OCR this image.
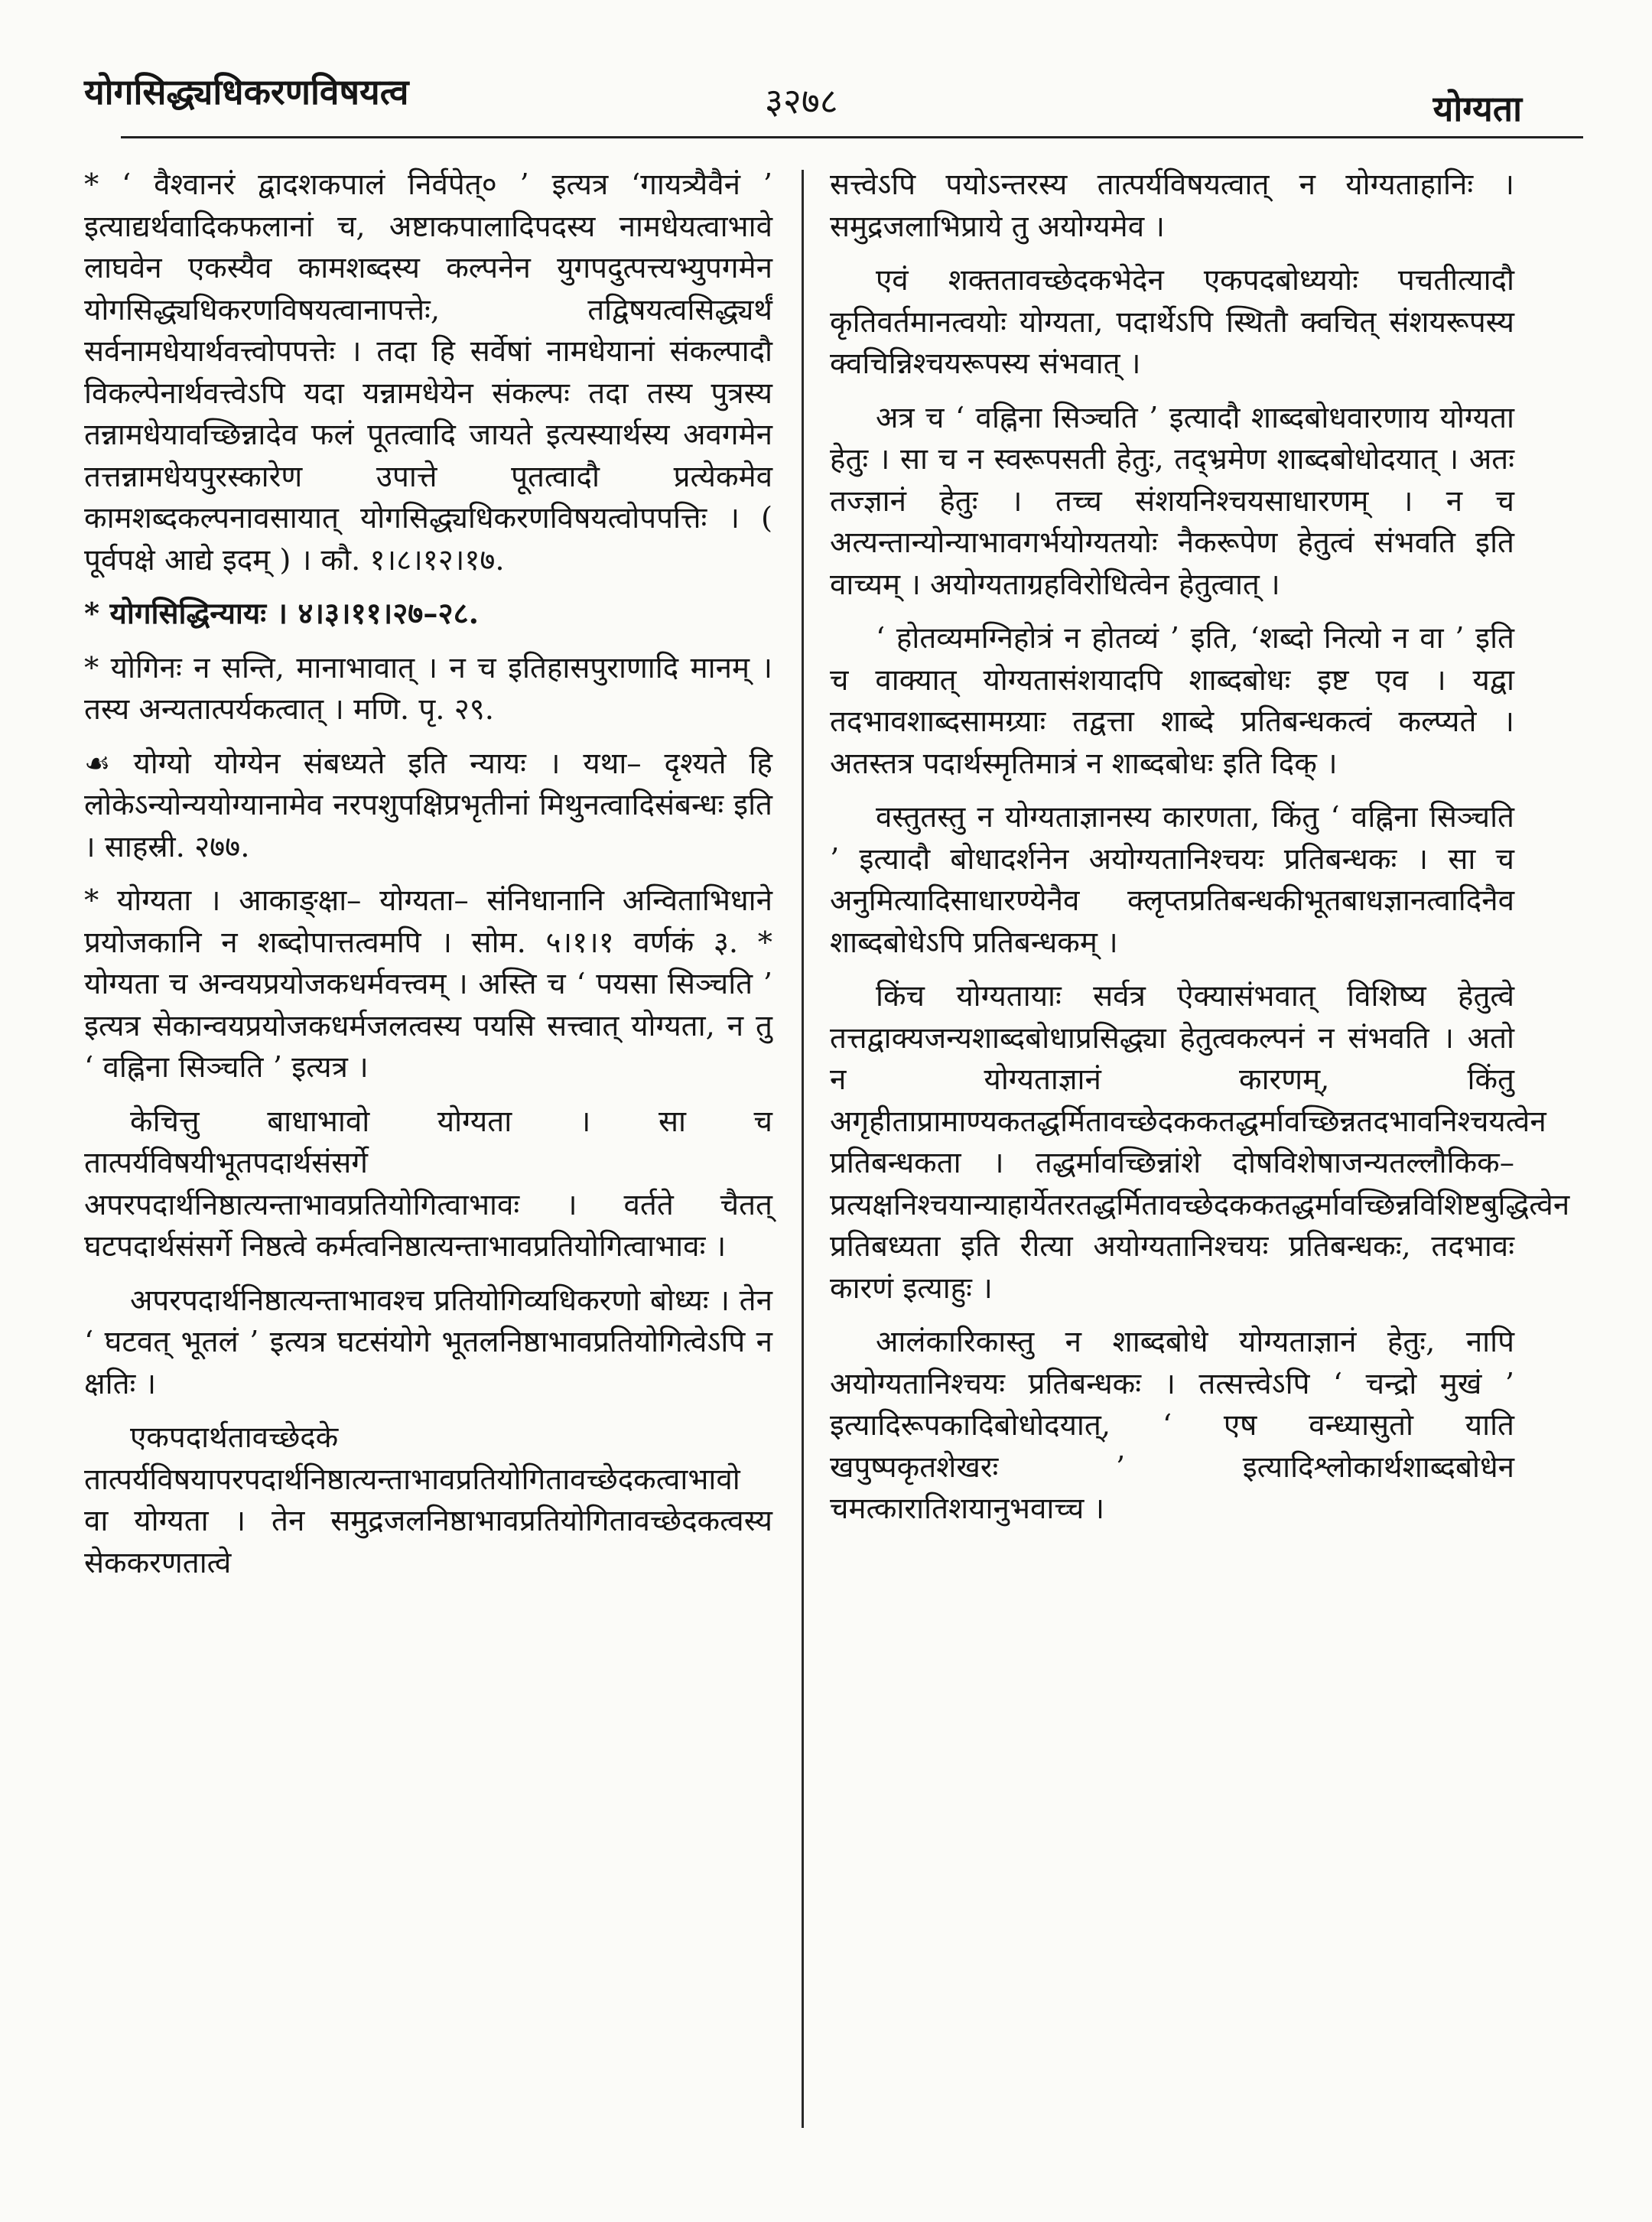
योगसिद्ध्यधिकरणविषयत्व	३२७८	योग्यता

* ‘ वैश्वानरं द्वादशकपालं निर्वपेत्० ’ इत्यत्र ‘गायत्र्यैवैनं ’ इत्याद्यर्थवादिकफलानां च, अष्टाकपालादिपदस्य नामधेयत्वाभावे लाघवेन एकस्यैव कामशब्दस्य कल्पनेन युगपदुत्पत्त्यभ्युपगमेन योगसिद्ध्यधिकरणविषयत्वानापत्तेः, तद्विषयत्वसिद्ध्यर्थं सर्वनामधेयार्थवत्त्वोपपत्तेः । तदा हि सर्वेषां नामधेयानां संकल्पादौ विकल्पेनार्थवत्त्वेऽपि यदा यन्नामधेयेन संकल्पः तदा तस्य पुत्रस्य तन्नामधेयावच्छिन्नादेव फलं पूतत्वादि जायते इत्यस्यार्थस्य अवगमेन तत्तन्नामधेयपुरस्कारेण उपात्ते पूतत्वादौ प्रत्येकमेव कामशब्दकल्पनावसायात् योगसिद्ध्यधिकरणविषयत्वोपपत्तिः । ( पूर्वपक्षे आद्ये इदम् ) । कौ. १।८।१२।१७.

* योगसिद्धिन्यायः । ४।३।११।२७–२८.

* योगिनः न सन्ति, मानाभावात् । न च इतिहासपुराणादि मानम् । तस्य अन्यतात्पर्यकत्वात् । मणि. पृ. २९.

☙ योग्यो योग्येन संबध्यते इति न्यायः । यथा– दृश्यते हि लोकेऽन्योन्ययोग्यानामेव नरपशुपक्षिप्रभृतीनां मिथुनत्वादिसंबन्धः इति । साहस्री. २७७.

* योग्यता । आकाङ्क्षा– योग्यता– संनिधानानि अन्विताभिधाने प्रयोजकानि न शब्दोपात्तत्वमपि । सोम. ५।१।१ वर्णकं ३. * योग्यता च अन्वयप्रयोजकधर्मवत्त्वम् । अस्ति च ‘ पयसा सिञ्चति ’ इत्यत्र सेकान्वयप्रयोजकधर्मजलत्वस्य पयसि सत्त्वात् योग्यता, न तु ‘ वह्निना सिञ्चति ’ इत्यत्र ।

केचित्तु बाधाभावो योग्यता । सा च तात्पर्यविषयीभूतपदार्थसंसर्गे अपरपदार्थनिष्ठात्यन्ताभावप्रतियोगित्वाभावः । वर्तते चैतत् घटपदार्थसंसर्गे निष्ठत्वे कर्मत्वनिष्ठात्यन्ताभावप्रतियोगित्वाभावः ।

अपरपदार्थनिष्ठात्यन्ताभावश्च प्रतियोगिव्यधिकरणो बोध्यः । तेन ‘ घटवत् भूतलं ’ इत्यत्र घटसंयोगे भूतलनिष्ठाभावप्रतियोगित्वेऽपि न क्षतिः ।

एकपदार्थतावच्छेदके तात्पर्यविषयापरपदार्थनिष्ठात्यन्ताभावप्रतियोगितावच्छेदकत्वाभावो वा योग्यता । तेन समुद्रजलनिष्ठाभावप्रतियोगितावच्छेदकत्वस्य सेककरणतात्वे

सत्त्वेऽपि पयोऽन्तरस्य तात्पर्यविषयत्वात् न योग्यताहानिः । समुद्रजलाभिप्राये तु अयोग्यमेव ।

एवं शक्ततावच्छेदकभेदेन एकपदबोध्ययोः पचतीत्यादौ कृतिवर्तमानत्वयोः योग्यता, पदार्थेऽपि स्थितौ क्वचित् संशयरूपस्य क्वचिन्निश्चयरूपस्य संभवात् ।

अत्र च ‘ वह्निना सिञ्चति ’ इत्यादौ शाब्दबोधवारणाय योग्यता हेतुः । सा च न स्वरूपसती हेतुः, तद्भ्रमेण शाब्दबोधोदयात् । अतः तज्ज्ञानं हेतुः । तच्च संशयनिश्चयसाधारणम् । न च अत्यन्तान्योन्याभावगर्भयोग्यतयोः नैकरूपेण हेतुत्वं संभवति इति वाच्यम् । अयोग्यताग्रहविरोधित्वेन हेतुत्वात् ।

‘ होतव्यमग्निहोत्रं न होतव्यं ’ इति, ‘शब्दो नित्यो न वा ’ इति च वाक्यात् योग्यतासंशयादपि शाब्दबोधः इष्ट एव । यद्वा तदभावशाब्दसामग्र्याः तद्वत्ता शाब्दे प्रतिबन्धकत्वं कल्प्यते । अतस्तत्र पदार्थस्मृतिमात्रं न शाब्दबोधः इति दिक् ।

वस्तुतस्तु न योग्यताज्ञानस्य कारणता, किंतु ‘ वह्निना सिञ्चति ’ इत्यादौ बोधादर्शनेन अयोग्यतानिश्चयः प्रतिबन्धकः । सा च अनुमित्यादिसाधारण्येनैव क्लृप्तप्रतिबन्धकीभूतबाधज्ञानत्वादिनैव शाब्दबोधेऽपि प्रतिबन्धकम् ।

किंच योग्यतायाः सर्वत्र ऐक्यासंभवात् विशिष्य हेतुत्वे तत्तद्वाक्यजन्यशाब्दबोधाप्रसिद्ध्या हेतुत्वकल्पनं न संभवति । अतो न योग्यताज्ञानं कारणम्, किंतु अगृहीताप्रामाण्यकतद्धर्मितावच्छेदककतद्धर्मावच्छिन्नतदभावनिश्चयत्वेन प्रतिबन्धकता । तद्धर्मावच्छिन्नांशे दोषविशेषाजन्यतल्लौकिक– प्रत्यक्षनिश्चयान्याहार्येतरतद्धर्मितावच्छेदककतद्धर्मावच्छिन्नविशिष्टबुद्धित्वेन प्रतिबध्यता इति रीत्या अयोग्यतानिश्चयः प्रतिबन्धकः, तदभावः कारणं इत्याहुः ।

आलंकारिकास्तु न शाब्दबोधे योग्यताज्ञानं हेतुः, नापि अयोग्यतानिश्चयः प्रतिबन्धकः । तत्सत्त्वेऽपि ‘ चन्द्रो मुखं ’ इत्यादिरूपकादिबोधोदयात्, ‘ एष वन्ध्यासुतो याति खपुष्पकृतशेखरः ’ इत्यादिश्लोकार्थशाब्दबोधेन चमत्कारातिशयानुभवाच्च ।
